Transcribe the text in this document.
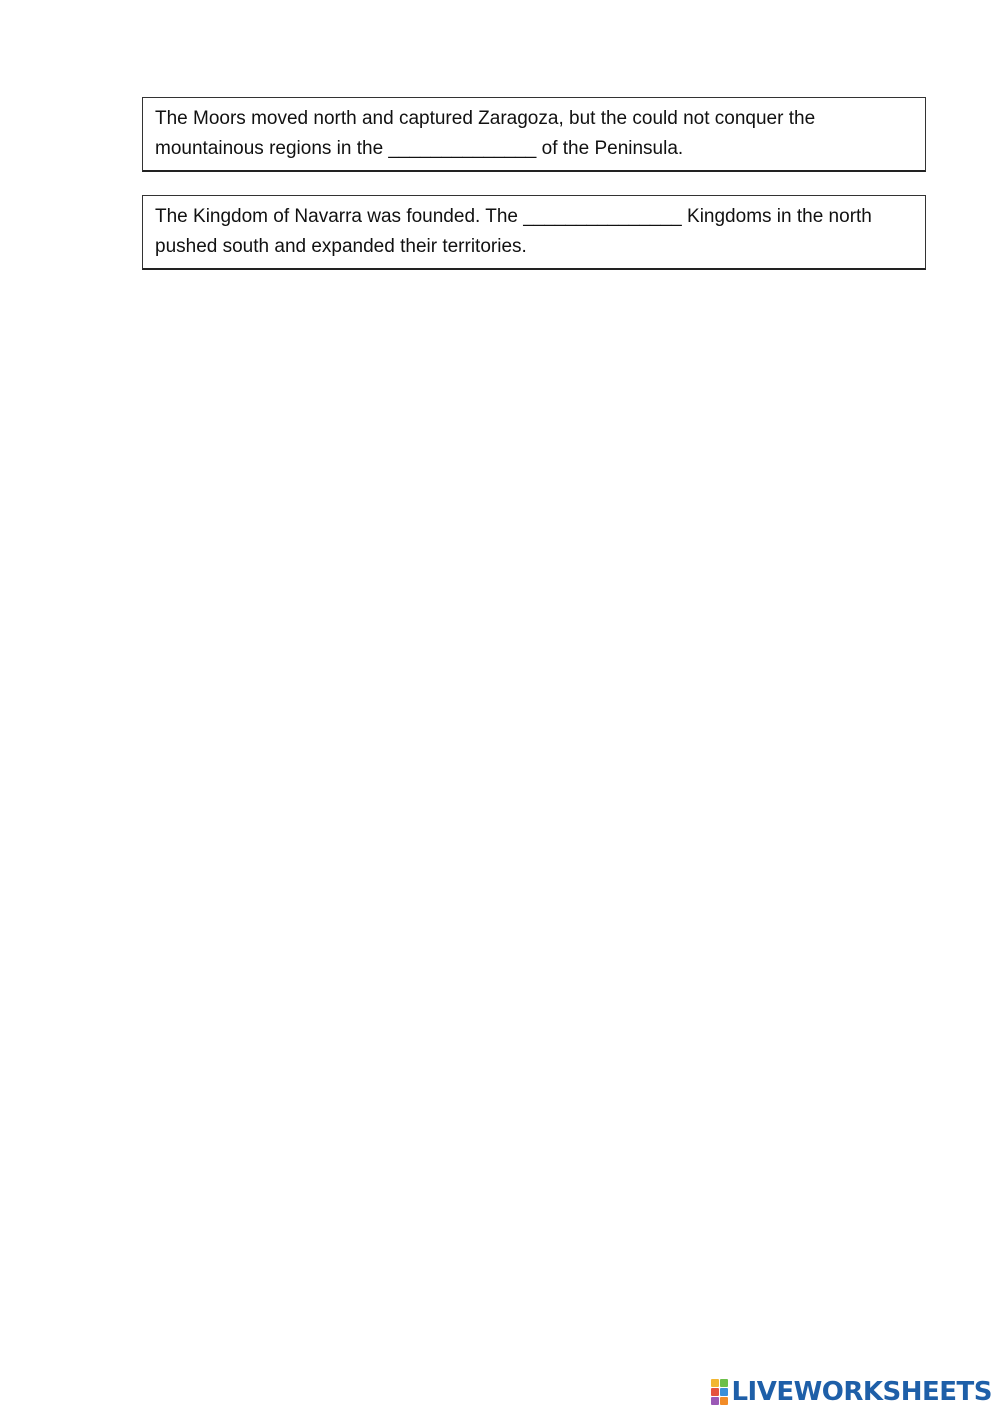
The Moors moved north and captured Zaragoza, but the could not conquer the
mountainous regions in the ______________ of the Peninsula.
The Kingdom of Navarra was founded. The _______________ Kingdoms in the north
pushed south and expanded their territories.
LIVEWORKSHEETS
